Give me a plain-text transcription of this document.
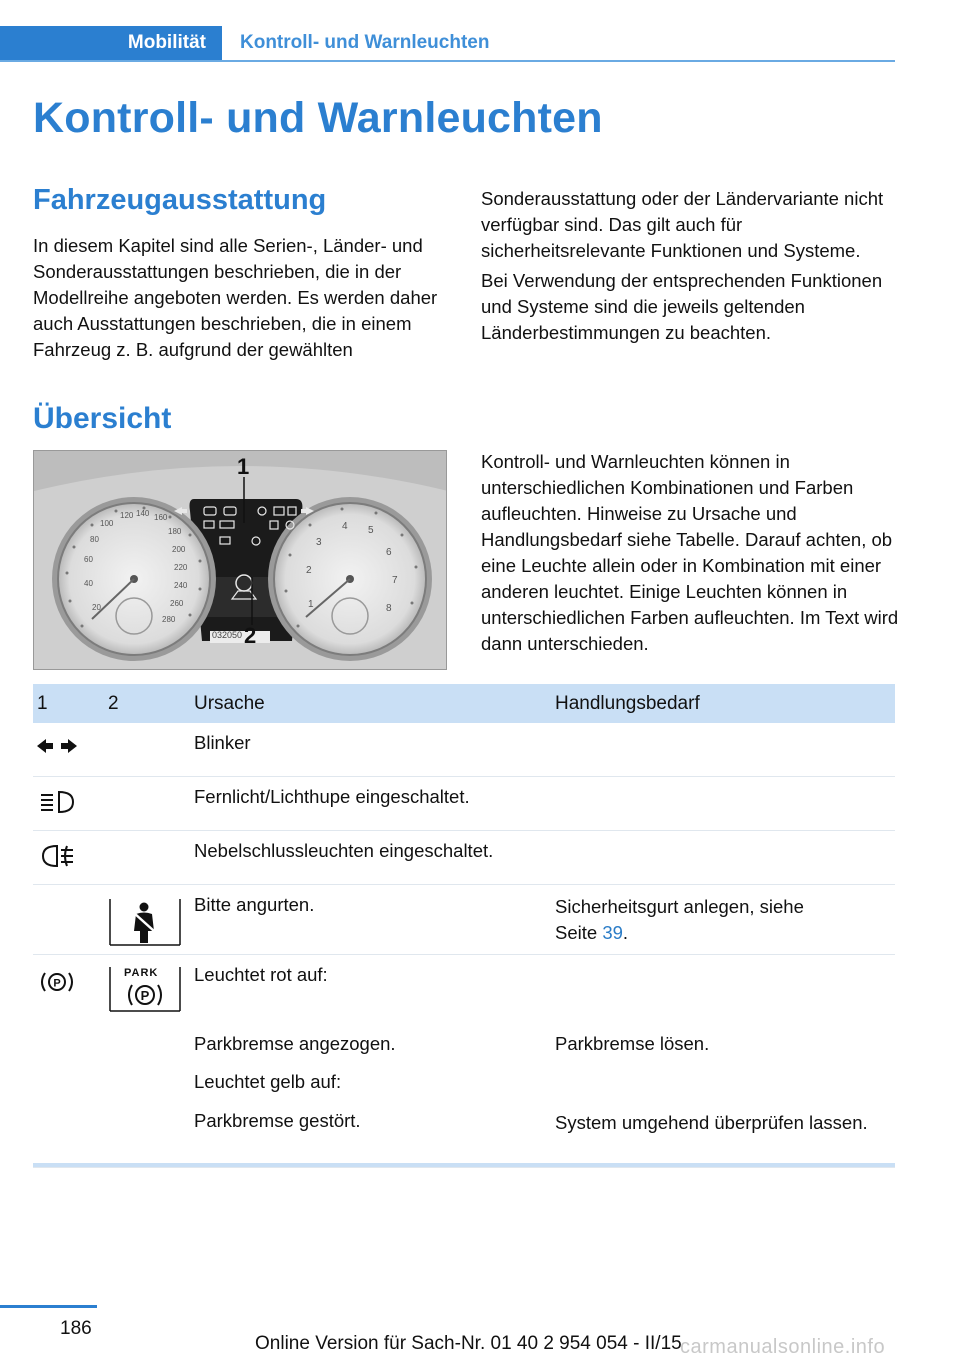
Mobilität	Kontroll- und Warnleuchten
Kontroll- und Warnleuchten
Fahrzeugausstattung

In diesem Kapitel sind alle Serien-, Länder- und Sonderausstattungen beschrieben, die in der Modellreihe angeboten werden. Es werden daher auch Ausstattungen beschrieben, die in einem Fahrzeug z. B. aufgrund der gewählten

Sonderausstattung oder der Ländervariante nicht verfügbar sind. Das gilt auch für sicherheitsrelevante Funktionen und Systeme.

Bei Verwendung der entsprechenden Funktionen und Systeme sind die jeweils geltenden Länderbestimmungen zu beachten.

Übersicht
1
2
032050
20
40
60
80
100
120 140 160
180
200
220
240
260
280
1
2
3
4 5
6
7
8

Kontroll- und Warnleuchten können in unterschiedlichen Kombinationen und Farben aufleuchten. Hinweise zu Ursache und Handlungsbedarf siehe Tabelle. Darauf achten, ob eine Leuchte allein oder in Kombination mit einer anderen leuchtet. Einige Leuchten können in unterschiedlichen Farben aufleuchten. Im Text wird dann unterschieden.

1	2	Ursache	Handlungsbedarf
Blinker
Fernlicht/Lichthupe eingeschaltet.
Nebelschlussleuchten eingeschaltet.
Bitte angurten.	Sicherheitsgurt anlegen, siehe
Seite 39.
P
P
PARK Leuchtet rot auf:
Parkbremse angezogen.	Parkbremse lösen.
Leuchtet gelb auf:
Parkbremse gestört.	System umgehend überprüfen lassen.
186
Online Version für Sach-Nr. 01 40 2 954 054 - II/15
carmanualsonline.info
